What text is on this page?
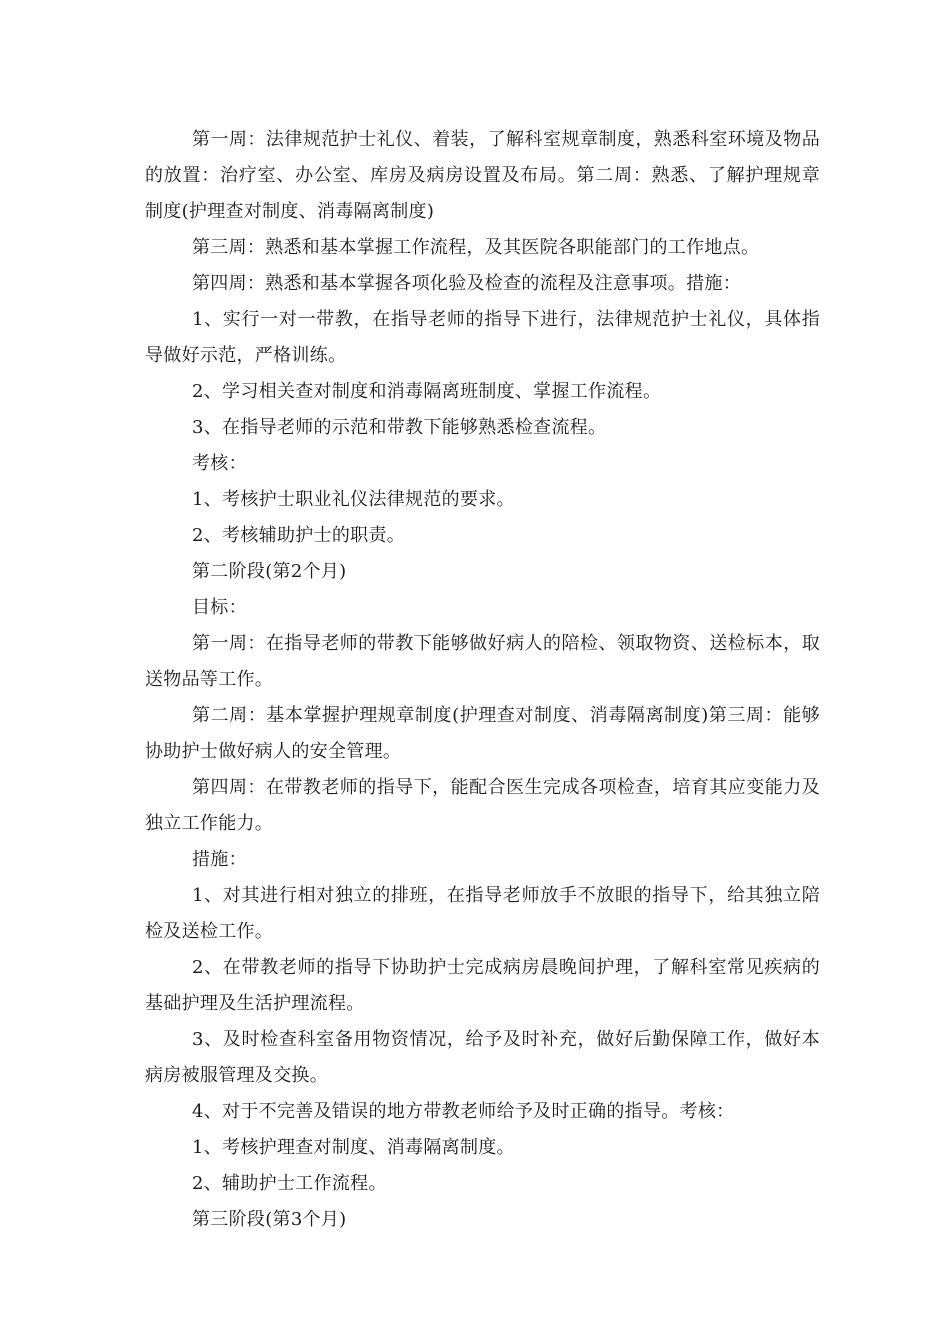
第一周：法律规范护士礼仪、着装，了解科室规章制度，熟悉科室环境及物品的放置：治疗室、办公室、库房及病房设置及布局。第二周：熟悉、了解护理规章制度(护理查对制度、消毒隔离制度)

第三周：熟悉和基本掌握工作流程，及其医院各职能部门的工作地点。

第四周：熟悉和基本掌握各项化验及检查的流程及注意事项。措施：

1、实行一对一带教，在指导老师的指导下进行，法律规范护士礼仪，具体指导做好示范，严格训练。

2、学习相关查对制度和消毒隔离班制度、掌握工作流程。

3、在指导老师的示范和带教下能够熟悉检查流程。

考核：

1、考核护士职业礼仪法律规范的要求。

2、考核辅助护士的职责。

第二阶段(第2个月)

目标：

第一周：在指导老师的带教下能够做好病人的陪检、领取物资、送检标本，取送物品等工作。

第二周：基本掌握护理规章制度(护理查对制度、消毒隔离制度)第三周：能够协助护士做好病人的安全管理。

第四周：在带教老师的指导下，能配合医生完成各项检查，培育其应变能力及独立工作能力。

措施：

1、对其进行相对独立的排班，在指导老师放手不放眼的指导下，给其独立陪检及送检工作。

2、在带教老师的指导下协助护士完成病房晨晚间护理，了解科室常见疾病的基础护理及生活护理流程。

3、及时检查科室备用物资情况，给予及时补充，做好后勤保障工作，做好本病房被服管理及交换。

4、对于不完善及错误的地方带教老师给予及时正确的指导。考核：

1、考核护理查对制度、消毒隔离制度。

2、辅助护士工作流程。

第三阶段(第3个月)
